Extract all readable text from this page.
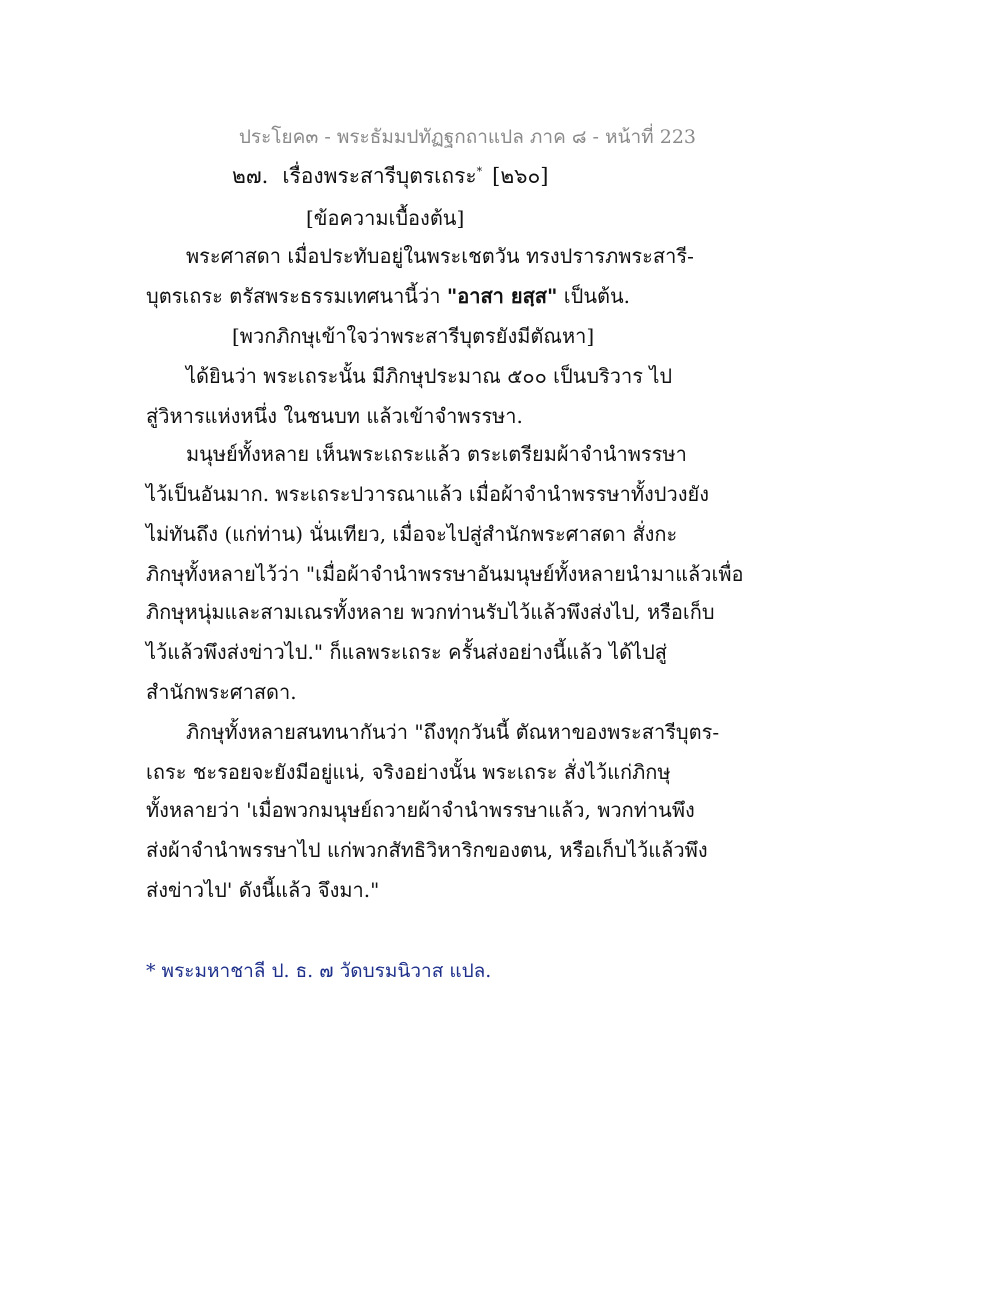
ประโยค๓ - พระธัมมปทัฏฐกถาแปล ภาค ๘ - หน้าที่ 223
๒๗. เรื่องพระสารีบุตรเถระ* [๒๖๐]
[ข้อความเบื้องต้น]
พระศาสดา เมื่อประทับอยู่ในพระเชตวัน ทรงปรารภพระสารี-
บุตรเถระ ตรัสพระธรรมเทศนานี้ว่า "อาสา ยสฺส" เป็นต้น.
[พวกภิกษุเข้าใจว่าพระสารีบุตรยังมีตัณหา]
ได้ยินว่า พระเถระนั้น มีภิกษุประมาณ ๕๐๐ เป็นบริวาร ไป
สู่วิหารแห่งหนึ่ง ในชนบท แล้วเข้าจำพรรษา.
มนุษย์ทั้งหลาย เห็นพระเถระแล้ว ตระเตรียมผ้าจำนำพรรษา
ไว้เป็นอันมาก. พระเถระปวารณาแล้ว เมื่อผ้าจำนำพรรษาทั้งปวงยัง
ไม่ทันถึง (แก่ท่าน) นั่นเทียว, เมื่อจะไปสู่สำนักพระศาสดา สั่งกะ
ภิกษุทั้งหลายไว้ว่า "เมื่อผ้าจำนำพรรษาอันมนุษย์ทั้งหลายนำมาแล้วเพื่อ
ภิกษุหนุ่มและสามเณรทั้งหลาย พวกท่านรับไว้แล้วพึงส่งไป, หรือเก็บ
ไว้แล้วพึงส่งข่าวไป." ก็แลพระเถระ ครั้นส่งอย่างนี้แล้ว ได้ไปสู่
สำนักพระศาสดา.
ภิกษุทั้งหลายสนทนากันว่า "ถึงทุกวันนี้ ตัณหาของพระสารีบุตร-
เถระ ชะรอยจะยังมีอยู่แน่, จริงอย่างนั้น พระเถระ สั่งไว้แก่ภิกษุ
ทั้งหลายว่า 'เมื่อพวกมนุษย์ถวายผ้าจำนำพรรษาแล้ว, พวกท่านพึง
ส่งผ้าจำนำพรรษาไป แก่พวกสัทธิวิหาริกของตน, หรือเก็บไว้แล้วพึง
ส่งข่าวไป' ดังนี้แล้ว จึงมา."
* พระมหาชาลี ป. ธ. ๗ วัดบรมนิวาส แปล.
